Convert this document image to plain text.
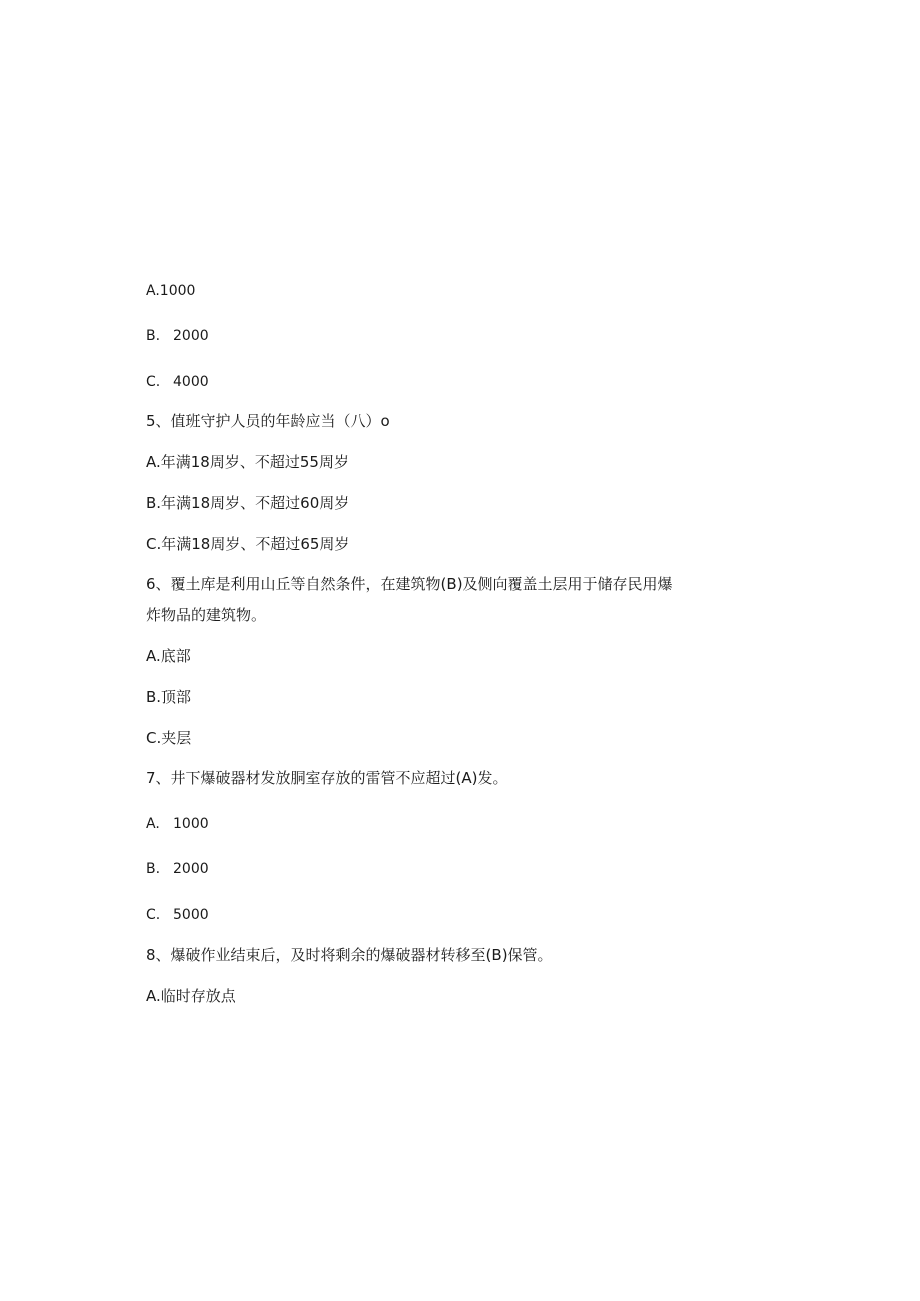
A.1000
B. 2000
C. 4000
5、值班守护人员的年龄应当（八）o
A.年满18周岁、不超过55周岁
B.年满18周岁、不超过60周岁
C.年满18周岁、不超过65周岁
6、覆土库是利用山丘等自然条件，在建筑物(B)及侧向覆盖土层用于储存民用爆
炸物品的建筑物。
A.底部
B.顶部
C.夹层
7、井下爆破器材发放胴室存放的雷管不应超过(A)发。
A. 1000
B. 2000
C. 5000
8、爆破作业结束后，及时将剩余的爆破器材转移至(B)保管。
A.临时存放点
